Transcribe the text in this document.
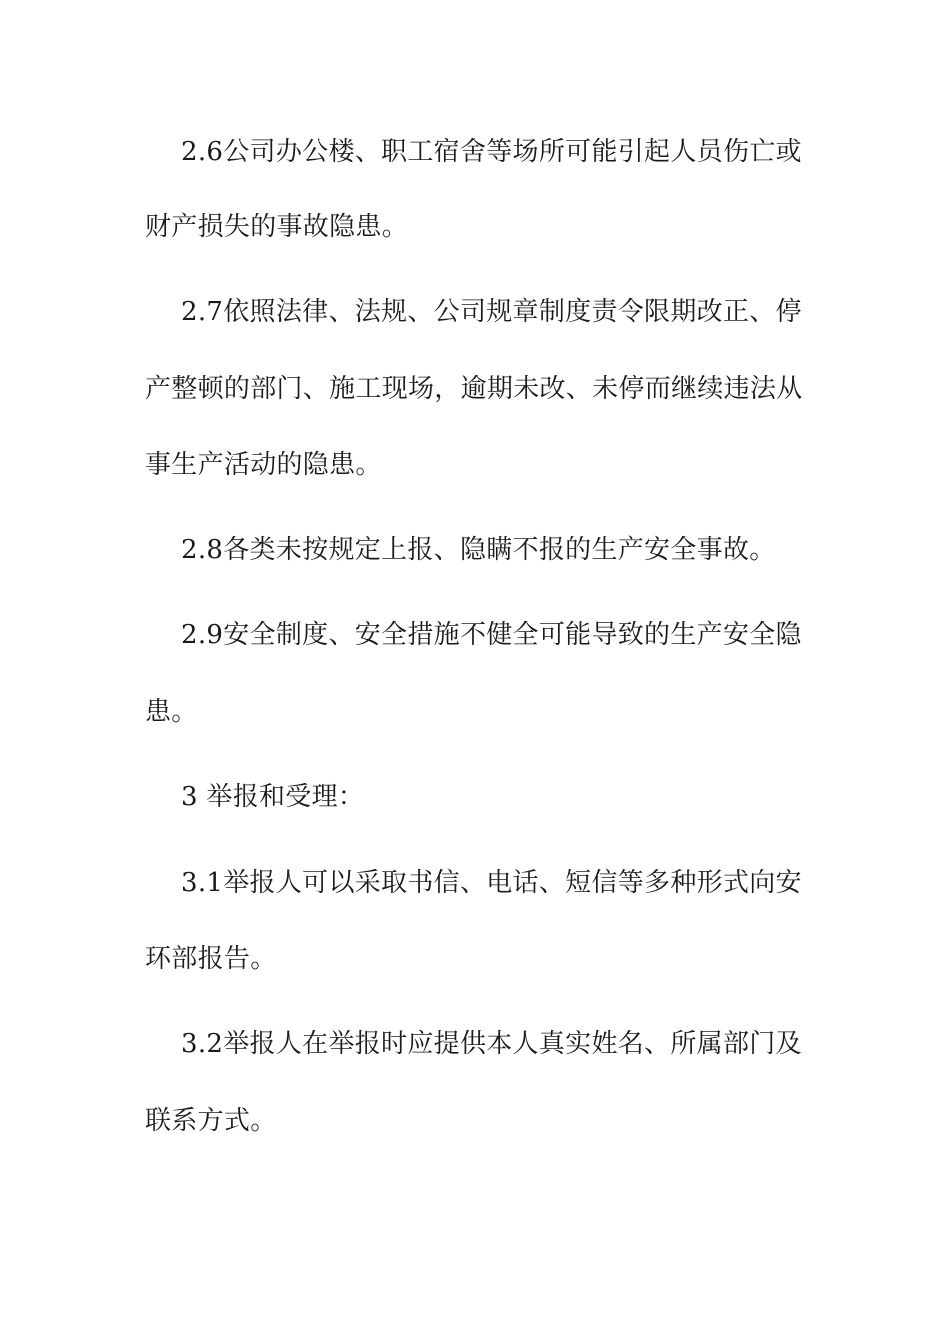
2.6公司办公楼、职工宿舍等场所可能引起人员伤亡或
财产损失的事故隐患。
2.7依照法律、法规、公司规章制度责令限期改正、停
产整顿的部门、施工现场，逾期未改、未停而继续违法从
事生产活动的隐患。
2.8各类未按规定上报、隐瞒不报的生产安全事故。
2.9安全制度、安全措施不健全可能导致的生产安全隐
患。
3 举报和受理：
3.1举报人可以采取书信、电话、短信等多种形式向安
环部报告。
3.2举报人在举报时应提供本人真实姓名、所属部门及
联系方式。
